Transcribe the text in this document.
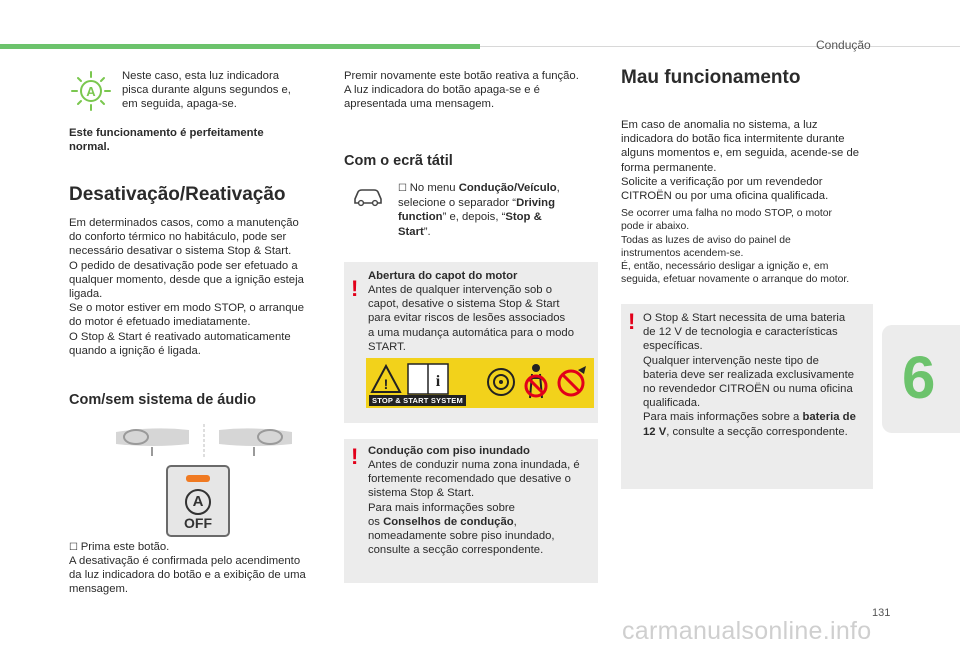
Condução
6
A
Neste caso, esta luz indicadora
pisca durante alguns segundos e,
em seguida, apaga-se.
Este funcionamento é perfeitamente
normal.
Desativação/Reativação
Em determinados casos, como a manutenção
do conforto térmico no habitáculo, pode ser
necessário desativar o sistema Stop & Start.
O pedido de desativação pode ser efetuado a
qualquer momento, desde que a ignição esteja
ligada.
Se o motor estiver em modo STOP, o arranque
do motor é efetuado imediatamente.
O Stop & Start é reativado automaticamente
quando a ignição é ligada.
Com/sem sistema de áudio
A
OFF
☐ Prima este botão.
A desativação é confirmada pelo acendimento
da luz indicadora do botão e a exibição de uma
mensagem.
Premir novamente este botão reativa a função.
A luz indicadora do botão apaga-se e é
apresentada uma mensagem.
Com o ecrã tátil
☐ No menu Condução/Veículo,
selecione o separador “Driving
function” e, depois, “Stop &
Start”.
! Abertura do capot do motor
Antes de qualquer intervenção sob o
capot, desative o sistema Stop & Start
para evitar riscos de lesões associados
a uma mudança automática para o modo
START.
!	i
STOP & START SYSTEM
! Condução com piso inundado
Antes de conduzir numa zona inundada, é
fortemente recomendado que desative o
sistema Stop & Start.
Para mais informações sobre
os Conselhos de condução,
nomeadamente sobre piso inundado,
consulte a secção correspondente.
Mau funcionamento
Em caso de anomalia no sistema, a luz
indicadora do botão fica intermitente durante
alguns momentos e, em seguida, acende-se de
forma permanente.
Solicite a verificação por um revendedor
CITROËN ou por uma oficina qualificada.
Se ocorrer uma falha no modo STOP, o motor
pode ir abaixo.
Todas as luzes de aviso do painel de
instrumentos acendem-se.
É, então, necessário desligar a ignição e, em
seguida, efetuar novamente o arranque do motor.
! O Stop & Start necessita de uma bateria
de 12 V de tecnologia e características
específicas.
Qualquer intervenção neste tipo de
bateria deve ser realizada exclusivamente
no revendedor CITROËN ou numa oficina
qualificada.
Para mais informações sobre a bateria de
12 V, consulte a secção correspondente.
131
carmanualsonline.info
